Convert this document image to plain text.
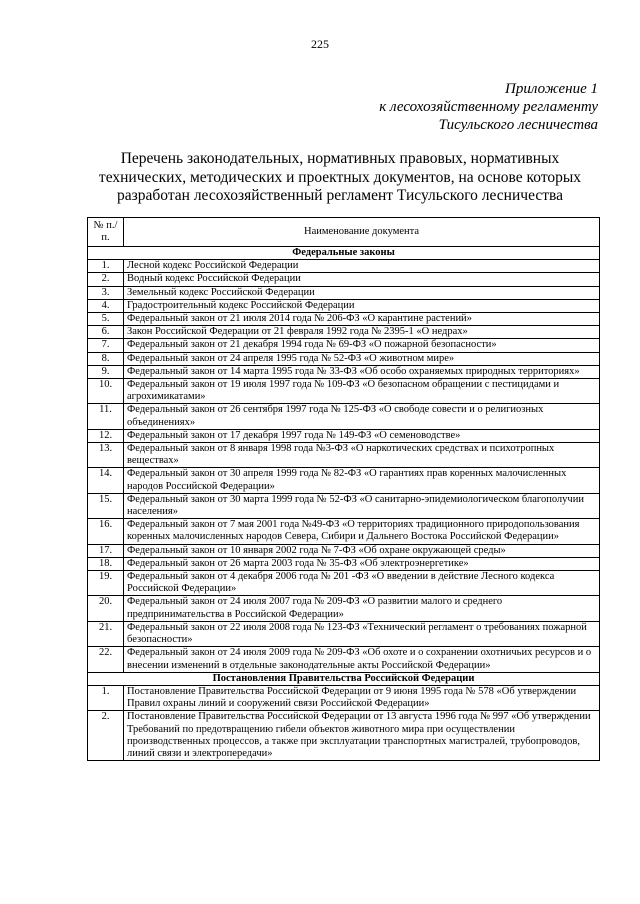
225
Приложение 1
к лесохозяйственному регламенту
Тисульского лесничества
Перечень законодательных, нормативных правовых, нормативных
технических, методических и проектных документов, на основе которых
разработан лесохозяйственный регламент Тисульского лесничества
№ п./п.	Наименование документа
Федеральные законы	
1.	Лесной кодекс Российской Федерации
2.	Водный кодекс Российской Федерации
3.	Земельный кодекс Российской Федерации
4.	Градостроительный кодекс Российской Федерации
5.	Федеральный закон от 21 июля 2014 года № 206-ФЗ «О карантине растений»
6.	Закон Российской Федерации от 21 февраля 1992 года № 2395-1 «О недрах»
7.	Федеральный закон от 21 декабря 1994 года № 69-ФЗ «О пожарной безопасности»
8.	Федеральный закон от 24 апреля 1995 года № 52-ФЗ «О животном мире»
9.	Федеральный закон от 14 марта 1995 года № 33-ФЗ «Об особо охраняемых природных территориях»
10.	Федеральный закон от 19 июля 1997 года № 109-ФЗ «О безопасном обращении с пестицидами и агрохимикатами»
11.	Федеральный закон от 26 сентября 1997 года № 125-ФЗ «О свободе совести и о религиозных объединениях»
12.	Федеральный закон от 17 декабря 1997 года № 149-ФЗ «О семеноводстве»
13.	Федеральный закон от 8 января 1998 года №3-ФЗ «О наркотических средствах и психотропных веществах»
14.	Федеральный закон от 30 апреля 1999 года № 82-ФЗ «О гарантиях прав коренных малочисленных народов Российской Федерации»
15.	Федеральный закон от 30 марта 1999 года № 52-ФЗ «О санитарно-эпидемиологическом благополучии населения»
16.	Федеральный закон от 7 мая 2001 года №49-ФЗ «О территориях традиционного природопользования коренных малочисленных народов Севера, Сибири и Дальнего Востока Российской Федерации»
17.	Федеральный закон от 10 января 2002 года № 7-ФЗ «Об охране окружающей среды»
18.	Федеральный закон от 26 марта 2003 года № 35-ФЗ «Об электроэнергетике»
19.	Федеральный закон от 4 декабря 2006 года № 201 -ФЗ «О введении в действие Лесного кодекса Российской Федерации»
20.	Федеральный закон от 24 июля 2007 года № 209-ФЗ «О развитии малого и среднего предпринимательства в Российской Федерации»
21.	Федеральный закон от 22 июля 2008 года № 123-ФЗ «Технический регламент о требованиях пожарной безопасности»
22.	Федеральный закон от 24 июля 2009 года № 209-ФЗ «Об охоте и о сохранении охотничьих ресурсов и о внесении изменений в отдельные законодательные акты Российской Федерации»
Постановления Правительства Российской Федерации	
1.	Постановление Правительства Российской Федерации от 9 июня 1995 года № 578 «Об утверждении Правил охраны линий и сооружений связи Российской Федерации»
2.	Постановление Правительства Российской Федерации от 13 августа 1996 года № 997 «Об утверждении Требований по предотвращению гибели объектов животного мира при осуществлении производственных процессов, а также при эксплуатации транспортных магистралей, трубопроводов, линий связи и электропередачи»
